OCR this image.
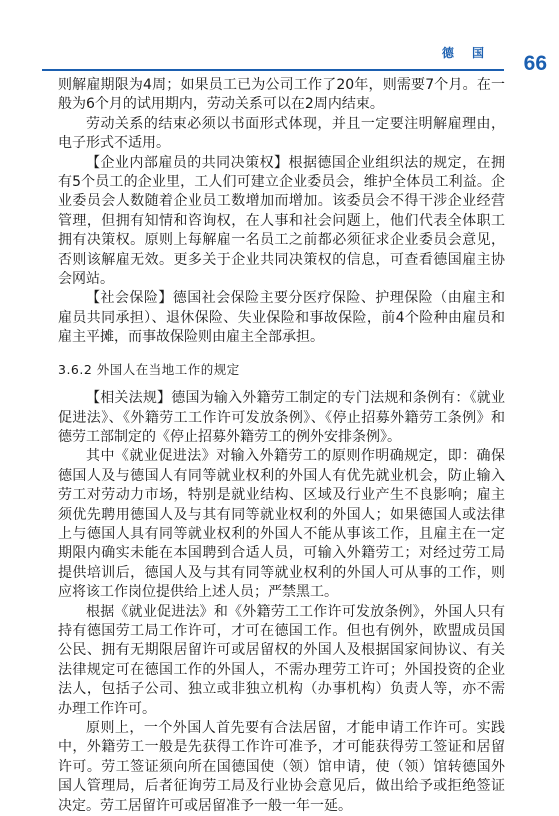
德 国 66

则解雇期限为4周；如果员工已为公司工作了20年，则需要7个月。在一般为6个月的试用期内，劳动关系可以在2周内结束。

劳动关系的结束必须以书面形式体现，并且一定要注明解雇理由，电子形式不适用。

【企业内部雇员的共同决策权】根据德国企业组织法的规定，在拥有5个员工的企业里，工人们可建立企业委员会，维护全体员工利益。企业委员会人数随着企业员工数增加而增加。该委员会不得干涉企业经营管理，但拥有知情和咨询权，在人事和社会问题上，他们代表全体职工拥有决策权。原则上每解雇一名员工之前都必须征求企业委员会意见，否则该解雇无效。更多关于企业共同决策权的信息，可查看德国雇主协会网站。

【社会保险】德国社会保险主要分医疗保险、护理保险（由雇主和雇员共同承担）、退休保险、失业保险和事故保险，前4个险种由雇员和雇主平摊，而事故保险则由雇主全部承担。

3.6.2 外国人在当地工作的规定

【相关法规】德国为输入外籍劳工制定的专门法规和条例有：《就业促进法》、《外籍劳工工作许可发放条例》、《停止招募外籍劳工条例》和德劳工部制定的《停止招募外籍劳工的例外安排条例》。

其中《就业促进法》对输入外籍劳工的原则作明确规定，即：确保德国人及与德国人有同等就业权利的外国人有优先就业机会，防止输入劳工对劳动力市场，特别是就业结构、区域及行业产生不良影响；雇主须优先聘用德国人及与其有同等就业权利的外国人；如果德国人或法律上与德国人具有同等就业权利的外国人不能从事该工作，且雇主在一定期限内确实未能在本国聘到合适人员，可输入外籍劳工；对经过劳工局提供培训后，德国人及与其有同等就业权利的外国人可从事的工作，则应将该工作岗位提供给上述人员；严禁黑工。

根据《就业促进法》和《外籍劳工工作许可发放条例》，外国人只有持有德国劳工局工作许可，才可在德国工作。但也有例外，欧盟成员国公民、拥有无期限居留许可或居留权的外国人及根据国家间协议、有关法律规定可在德国工作的外国人，不需办理劳工许可；外国投资的企业法人，包括子公司、独立或非独立机构（办事机构）负责人等，亦不需办理工作许可。

原则上，一个外国人首先要有合法居留，才能申请工作许可。实践中，外籍劳工一般是先获得工作许可准予，才可能获得劳工签证和居留许可。劳工签证须向所在国德国使（领）馆申请，使（领）馆转德国外国人管理局，后者征询劳工局及行业协会意见后，做出给予或拒绝签证决定。劳工居留许可或居留准予一般一年一延。
